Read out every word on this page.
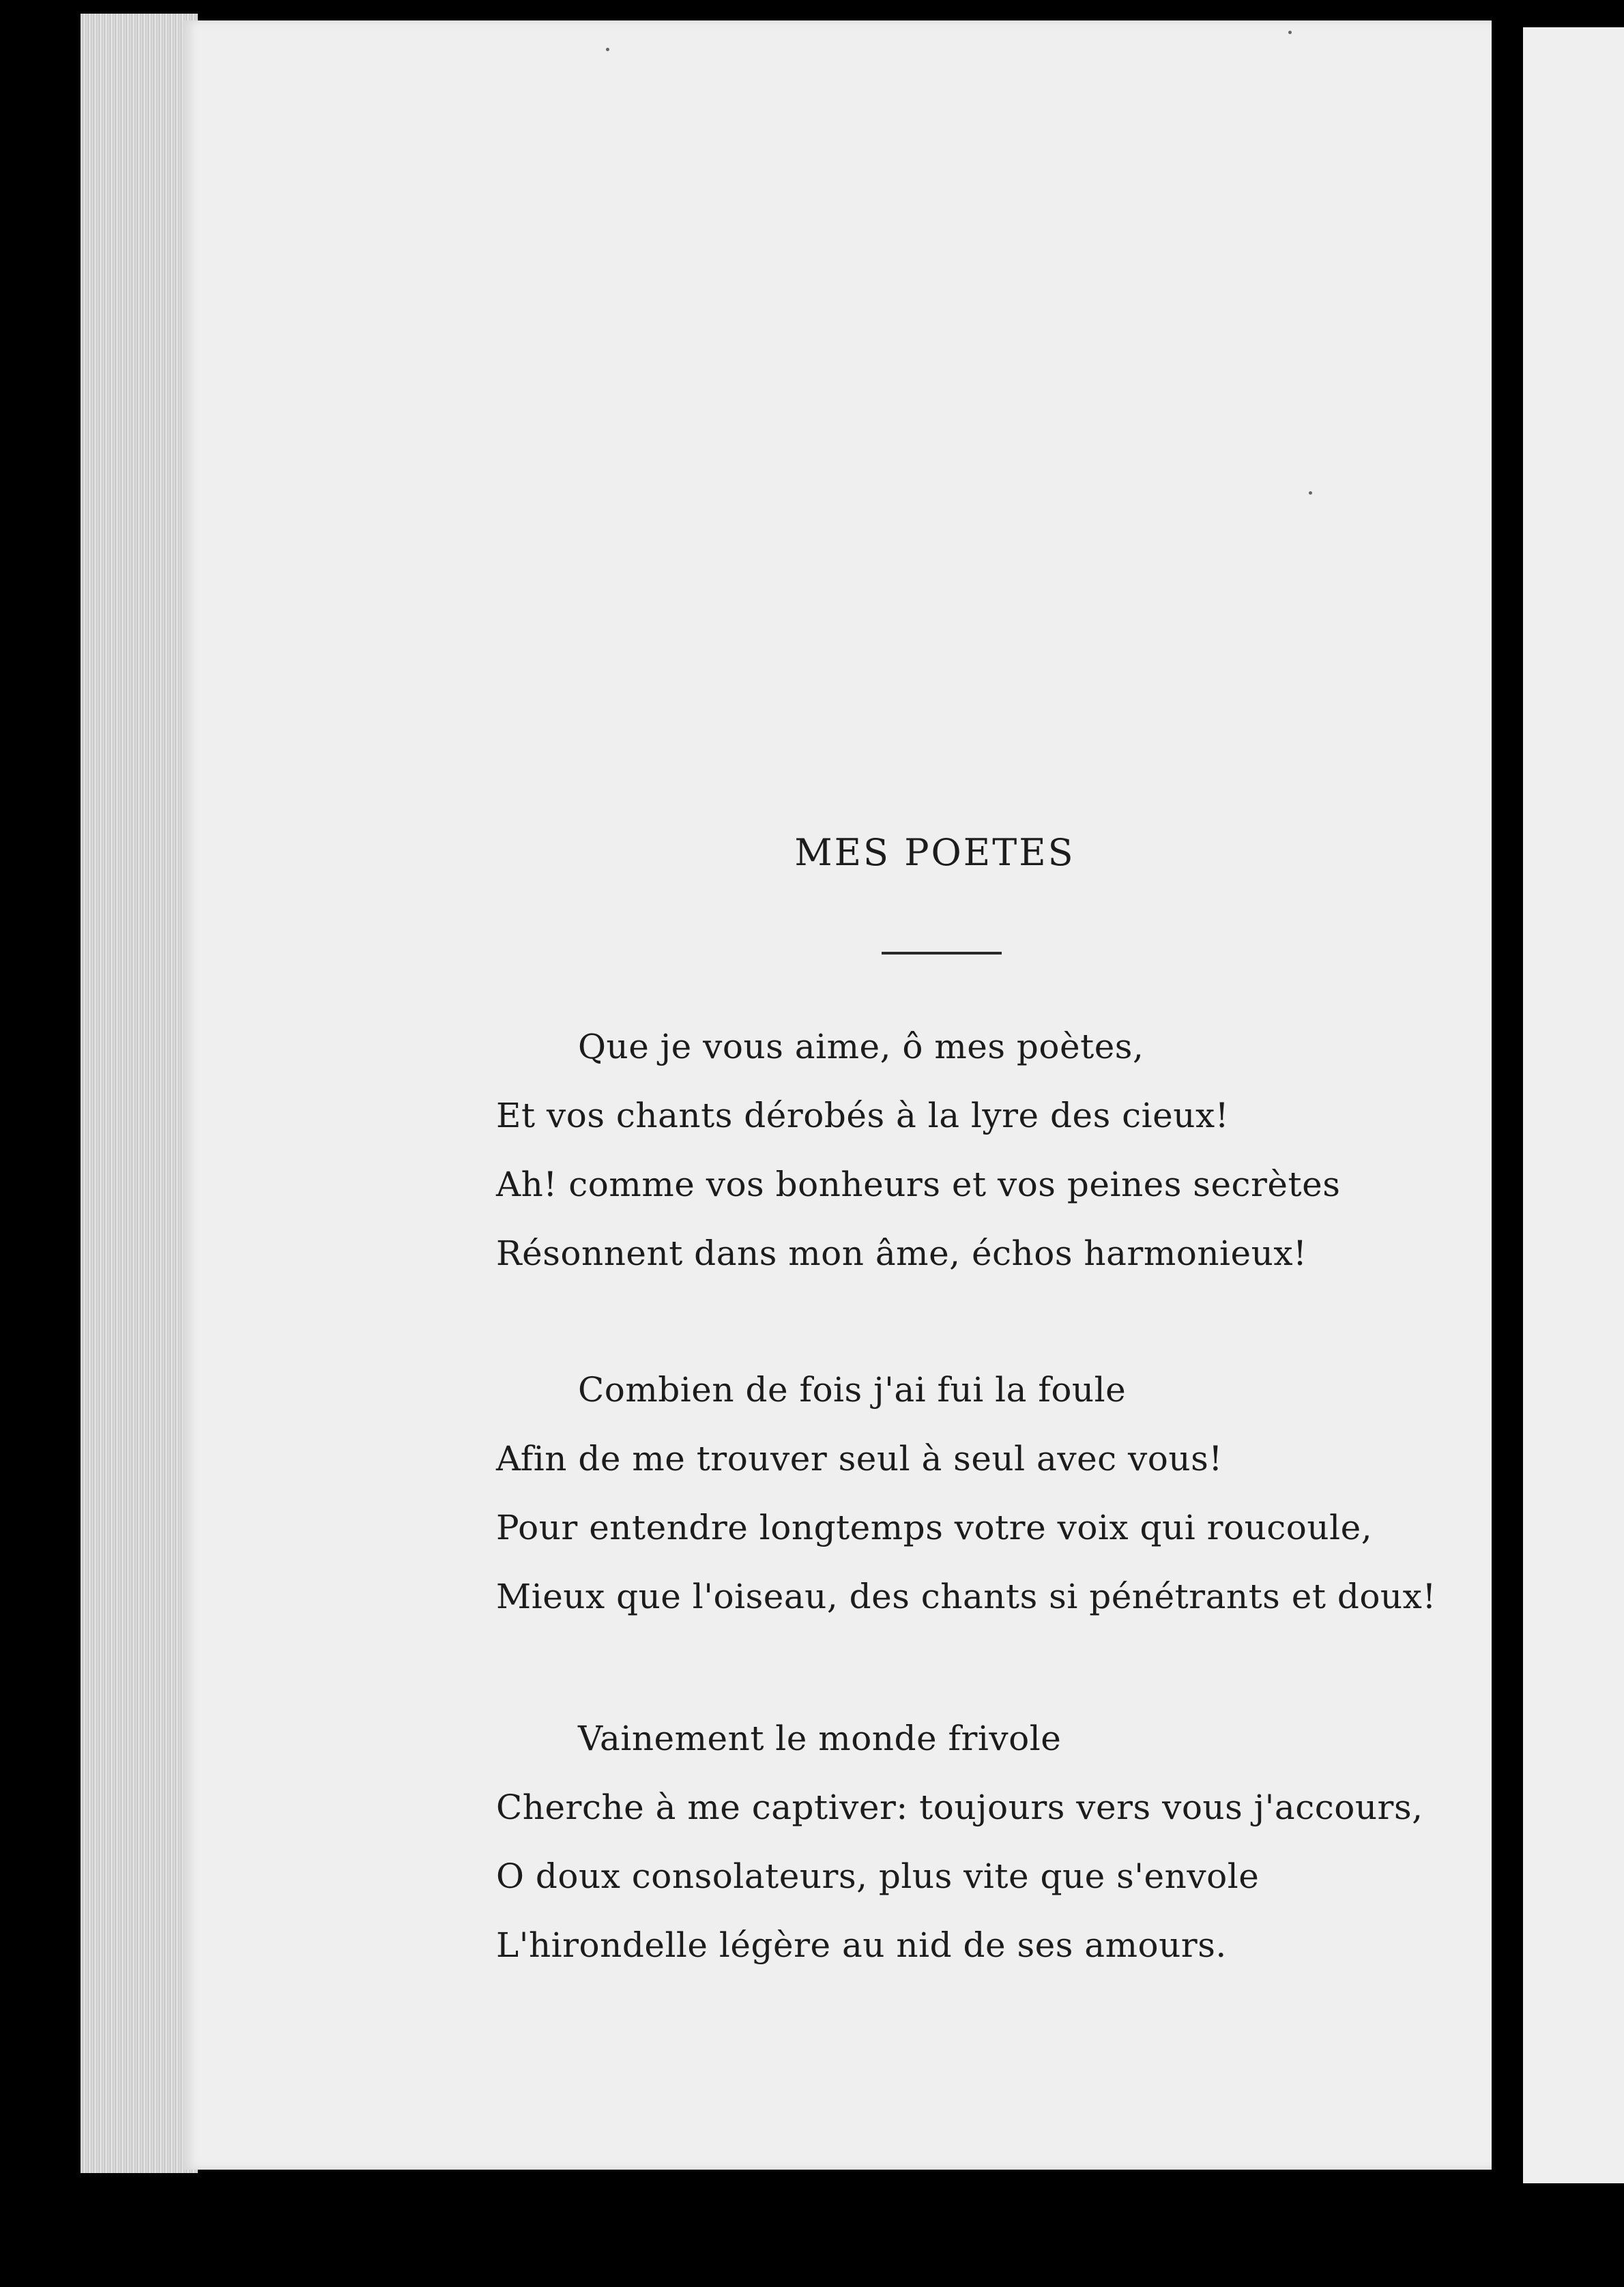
MES POETES
Que je vous aime, ô mes poètes,
Et vos chants dérobés à la lyre des cieux!
Ah! comme vos bonheurs et vos peines secrètes
Résonnent dans mon âme, échos harmonieux!
Combien de fois j'ai fui la foule
Afin de me trouver seul à seul avec vous!
Pour entendre longtemps votre voix qui roucoule,
Mieux que l'oiseau, des chants si pénétrants et doux!
Vainement le monde frivole
Cherche à me captiver: toujours vers vous j'accours,
O doux consolateurs, plus vite que s'envole
L'hirondelle légère au nid de ses amours.
